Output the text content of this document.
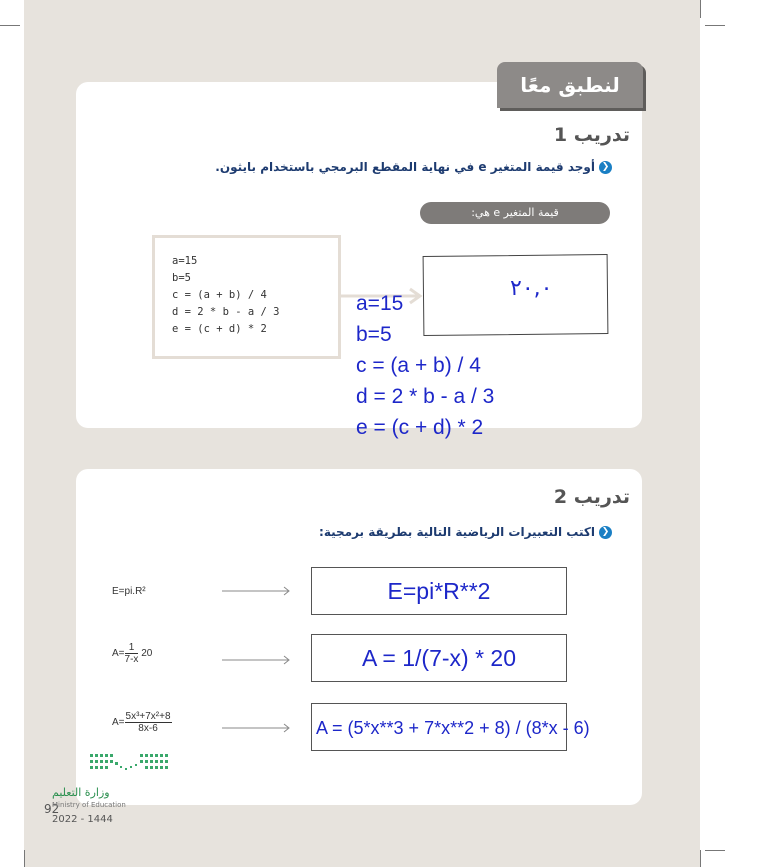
لنطبق معًا
تدريب 1
❮أوجد قيمة المتغير e في نهاية المقطع البرمجي باستخدام بايثون.
قيمة المتغير e هي:
a=15
b=5
c = (a + b) / 4
d = 2 * b - a / 3
e = (c + d) * 2
٢٠,٠
a=15
b=5
c = (a + b) / 4
d = 2 * b - a / 3
e = (c + d) * 2

تدريب 2
❮اكتب التعبيرات الرياضية التالية بطريقة برمجية:
E=pi.R²	E=pi*R**2
$A= \frac{1}{7-x} 20$	A = 1/(7-x) * 20
$A= \frac{\text{5x³+7x²+8}}{8x-6}$	A = (5*x**3 + 7*x**2 + 8) / (8*x - 6)
وزارة التعليم
92
Ministry of Education
2022 - 1444
